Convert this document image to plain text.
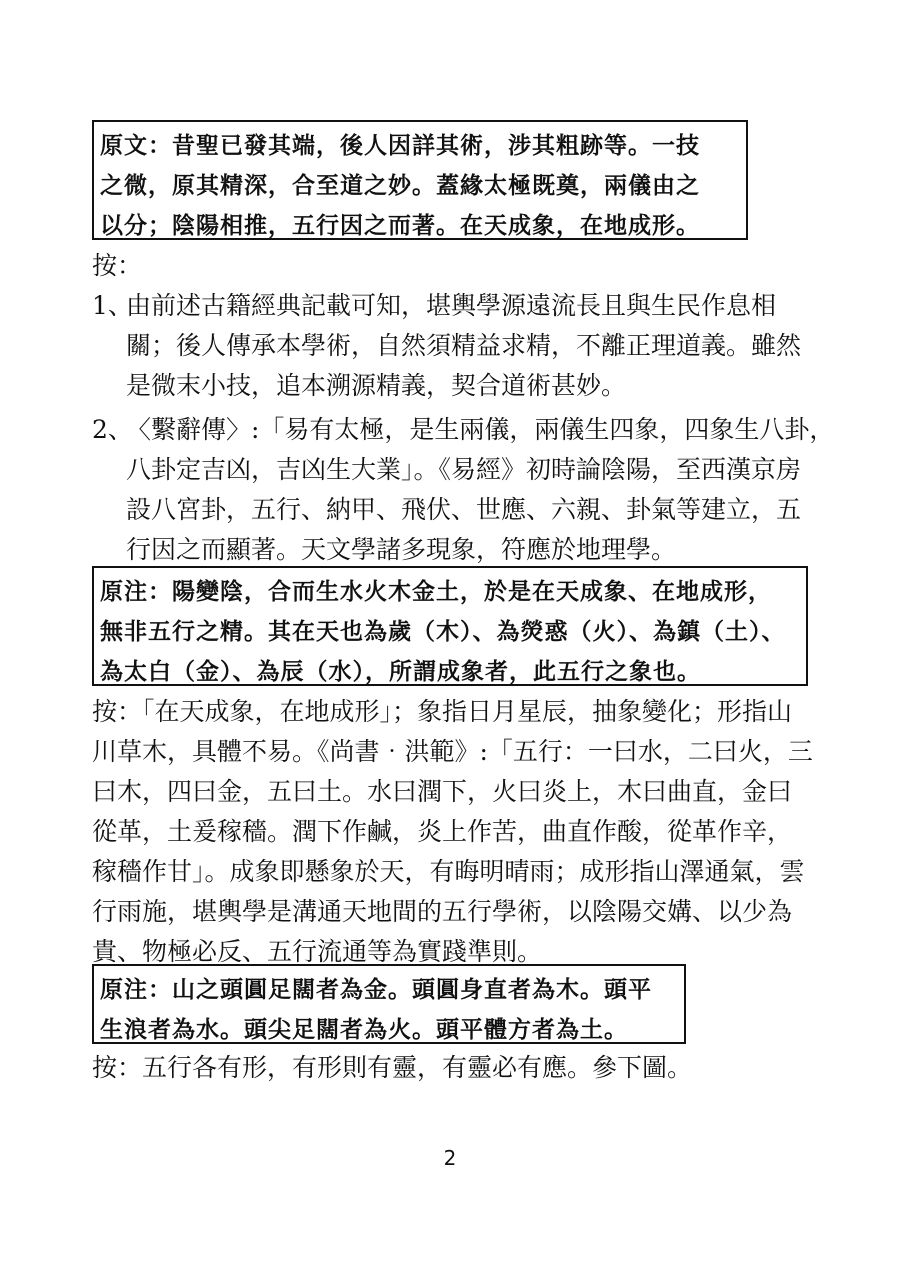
原文：昔聖已發其端，後人因詳其術，涉其粗跡等。一技
之微，原其精深，合至道之妙。蓋緣太極既奠，兩儀由之
以分；陰陽相推，五行因之而著。在天成象，在地成形。
按：
1、
由前述古籍經典記載可知，堪輿學源遠流長且與生民作息相
關；後人傳承本學術，自然須精益求精，不離正理道義。雖然
是微末小技，追本溯源精義，契合道術甚妙。
2、
〈繫辭傳〉:「易有太極，是生兩儀，兩儀生四象，四象生八卦，
八卦定吉凶，吉凶生大業」。《易經》初時論陰陽，至西漢京房
設八宮卦，五行、納甲、飛伏、世應、六親、卦氣等建立，五
行因之而顯著。天文學諸多現象，符應於地理學。
原注：陽變陰，合而生水火木金土，於是在天成象、在地成形，
無非五行之精。其在天也為歲（木）、為熒惑（火）、為鎮（土）、
為太白（金）、為辰（水），所謂成象者，此五行之象也。
按：「在天成象，在地成形」；象指日月星辰，抽象變化；形指山
川草木，具體不易。《尚書‧洪範》:「五行：一曰水，二曰火，三
曰木，四曰金，五曰土。水曰潤下，火曰炎上，木曰曲直，金曰
從革，土爰稼穡。潤下作鹹，炎上作苦，曲直作酸，從革作辛，
稼穡作甘」。成象即懸象於天，有晦明晴雨；成形指山澤通氣，雲
行雨施，堪輿學是溝通天地間的五行學術，以陰陽交媾、以少為
貴、物極必反、五行流通等為實踐準則。
原注：山之頭圓足闊者為金。頭圓身直者為木。頭平
生浪者為水。頭尖足闊者為火。頭平體方者為土。
按：五行各有形，有形則有靈，有靈必有應。參下圖。
2
